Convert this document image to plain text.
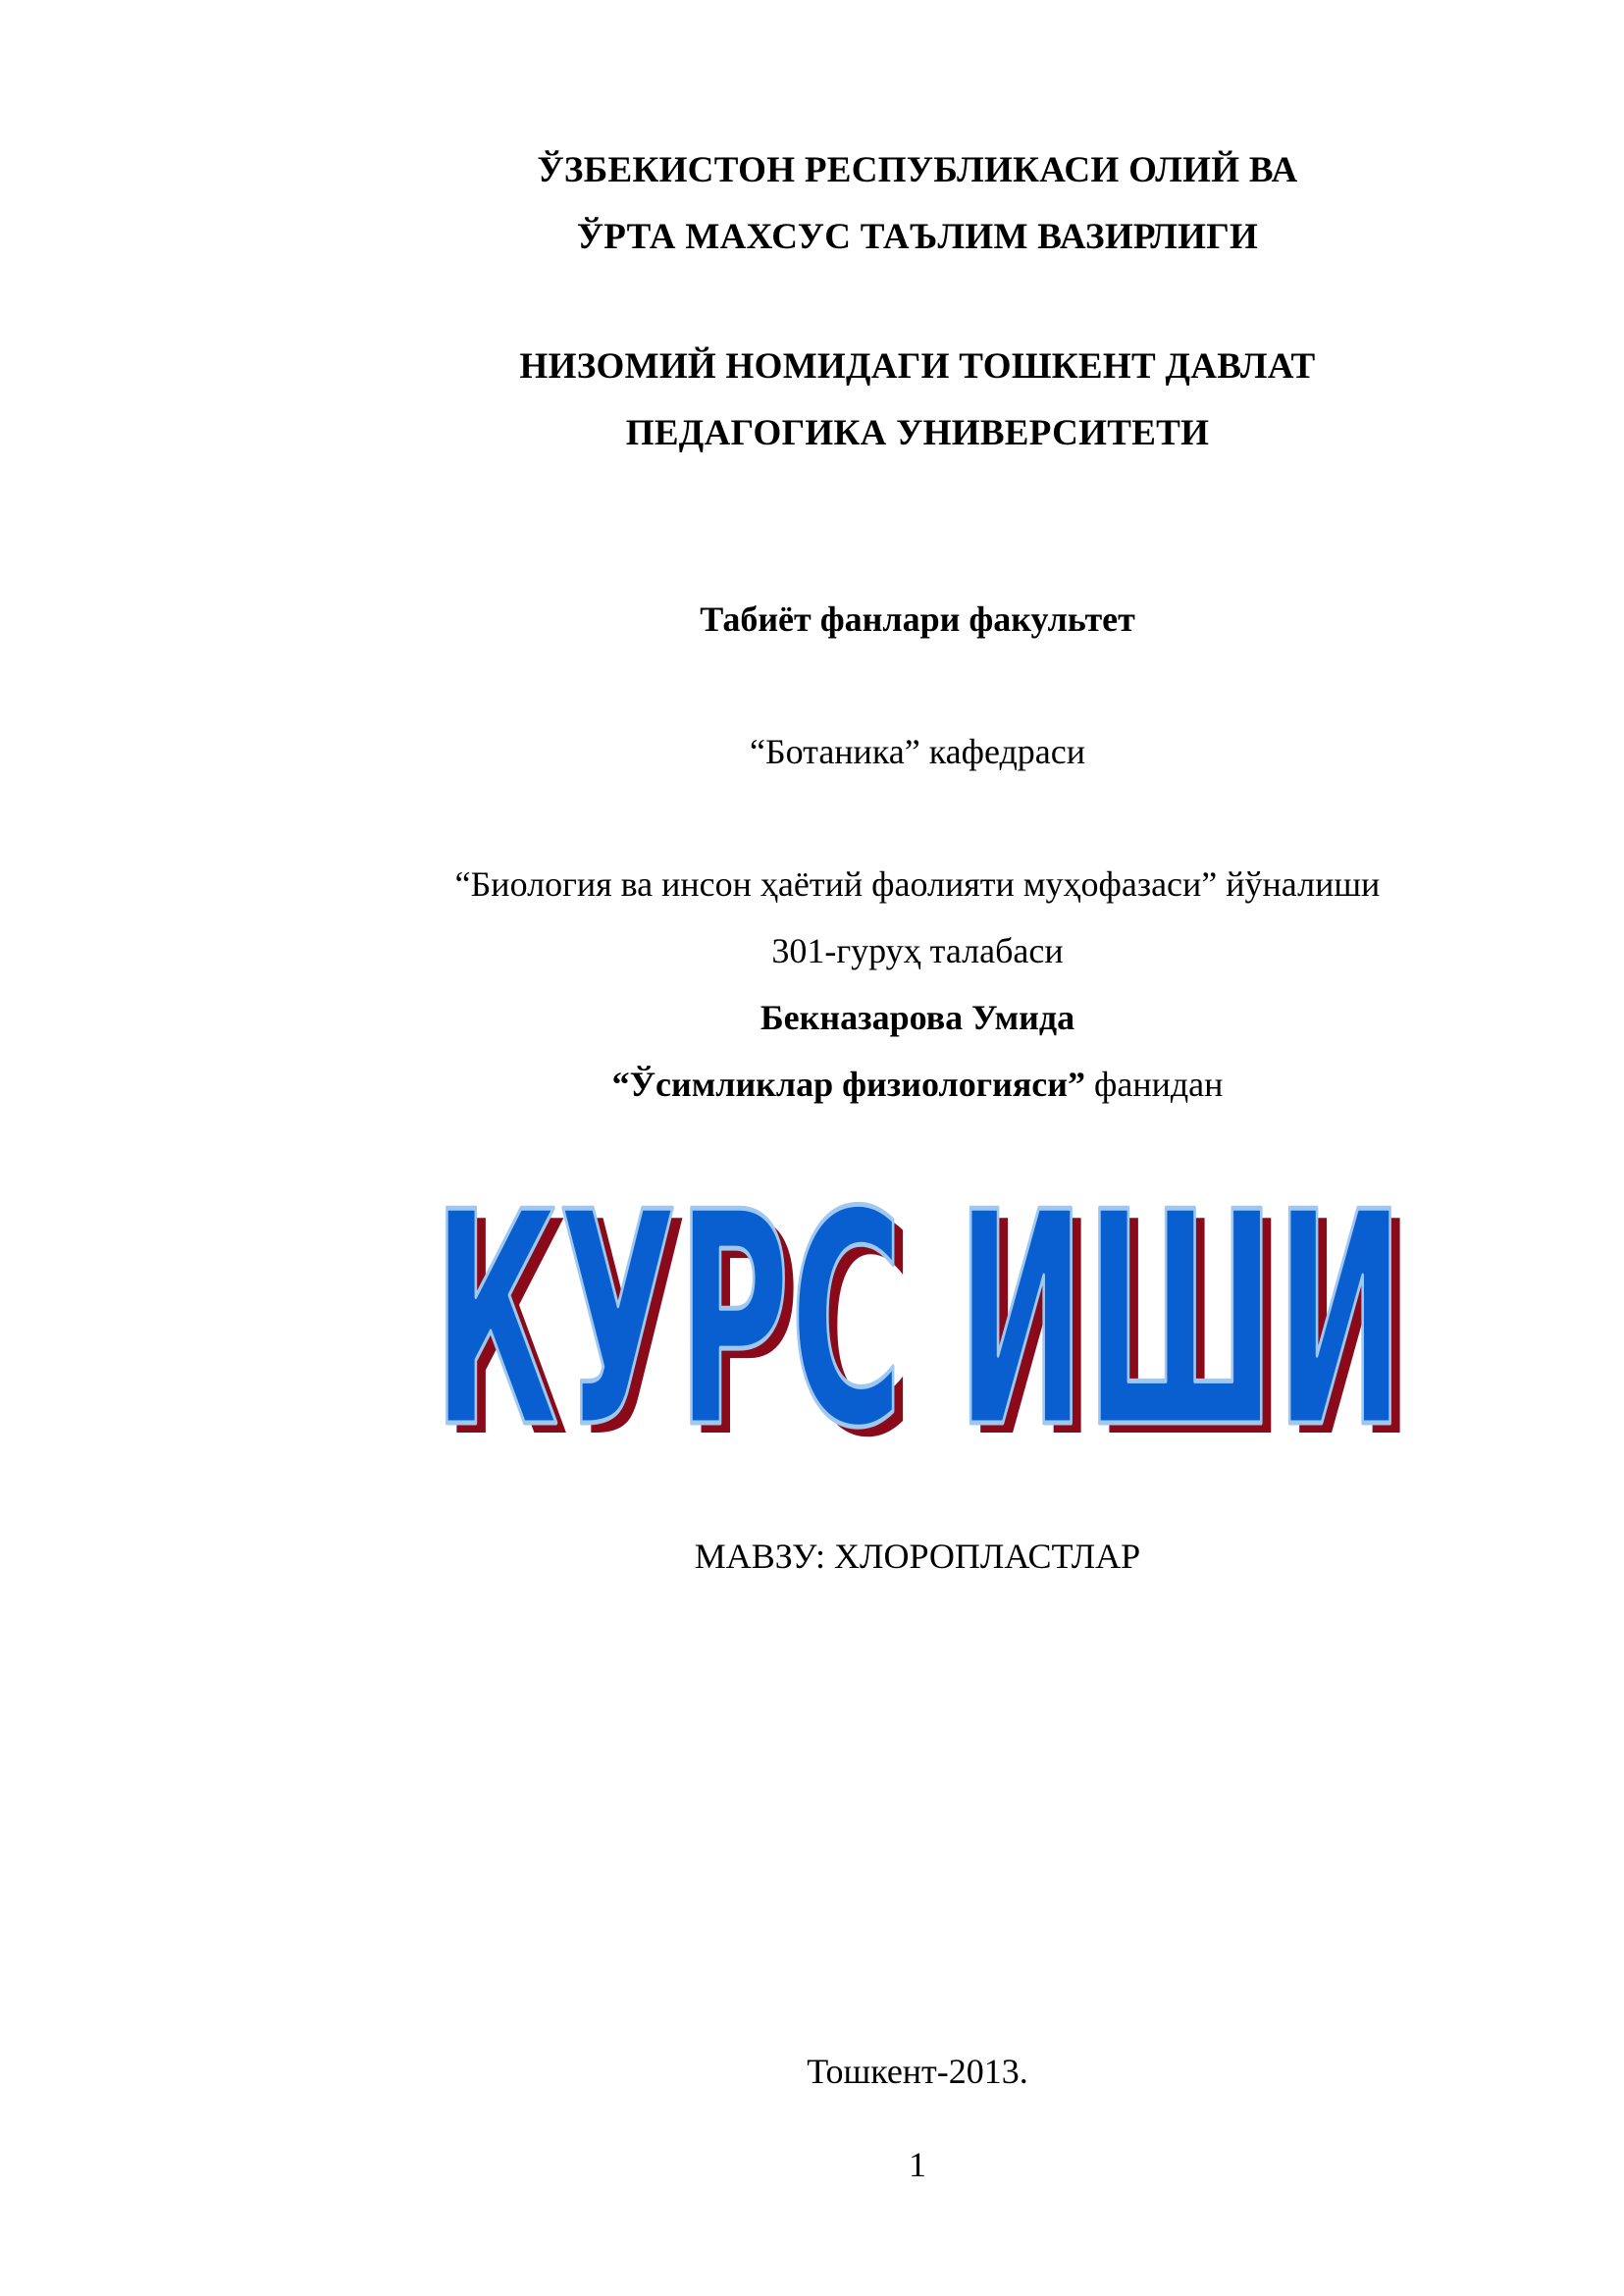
ЎЗБЕКИСТОН РЕСПУБЛИКАСИ ОЛИЙ ВА
ЎРТА МАХСУС ТАЪЛИМ ВАЗИРЛИГИ
НИЗОМИЙ НОМИДАГИ ТОШКЕНТ ДАВЛАТ
ПЕДАГОГИКА УНИВЕРСИТЕТИ
Табиёт фанлари факультет
“Ботаника” кафедраси
“Биология ва инсон ҳаётий фаолияти муҳофазаси” йўналиши
301-гуруҳ талабаси
Бекназарова Умида
“Ўсимликлар физиологияси” фанидан
КУРС ИШИ
КУРС ИШИ
МАВЗУ: ХЛОРОПЛАСТЛАР
Тошкент-2013.
1
